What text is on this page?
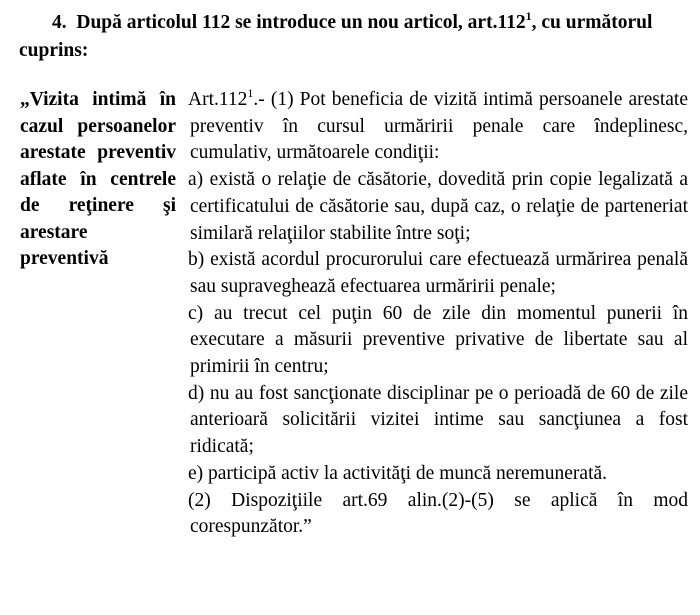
4. După articolul 112 se introduce un nou articol, art.112$^1$, cu următorul
cuprins:
„Vizita intimă în
cazul persoanelor
arestate preventiv
aflate în centrele
de reţinere şi
arestare
preventivă
Art.112$^1$.- (1) Pot beneficia de vizită intimă persoanele arestate
preventiv în cursul urmăririi penale care îndeplinesc,
cumulativ, următoarele condiţii:
a) există o relaţie de căsătorie, dovedită prin copie legalizată a
certificatului de căsătorie sau, după caz, o relaţie de parteneriat
similară relaţiilor stabilite între soţi;
b) există acordul procurorului care efectuează urmărirea penală
sau supraveghează efectuarea urmăririi penale;
c) au trecut cel puţin 60 de zile din momentul punerii în
executare a măsurii preventive privative de libertate sau al
primirii în centru;
d) nu au fost sancţionate disciplinar pe o perioadă de 60 de zile
anterioară solicitării vizitei intime sau sancţiunea a fost
ridicată;
e) participă activ la activităţi de muncă neremunerată.
(2) Dispoziţiile art.69 alin.(2)-(5) se aplică în mod
corespunzător.”
